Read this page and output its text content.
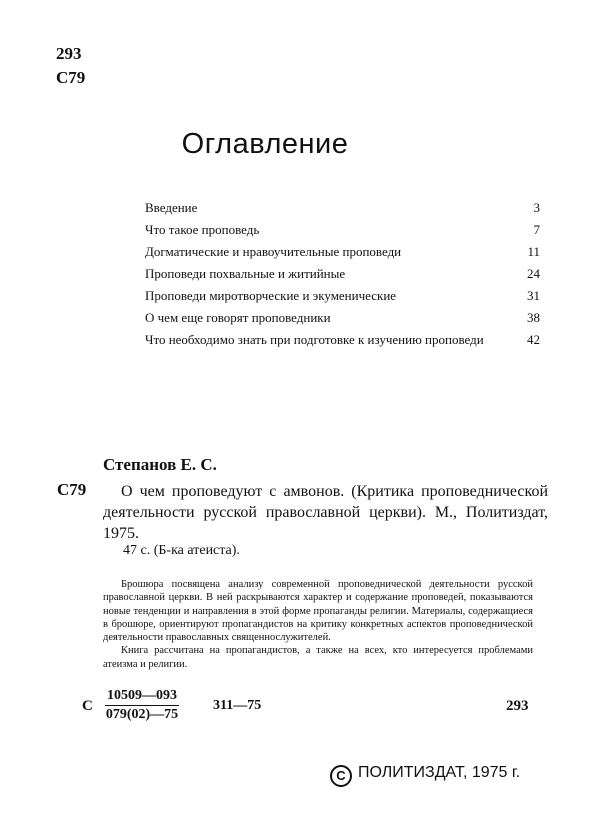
293
С79
Оглавление
Введение	3
Что такое проповедь	7
Догматические и нравоучительные проповеди	11
Проповеди похвальные и житийные	24
Проповеди миротворческие и экуменические	31
О чем еще говорят проповедники	38
Что необходимо знать при подготовке к изучению проповеди	42
Степанов Е. С.
С79	О чем проповедуют с амвонов. (Критика проповеднической деятельности русской православной церкви). М., Политиздат, 1975.
47 с. (Б-ка атеиста).

Брошюра посвящена анализу современной проповеднической деятельности русской православной церкви. В ней раскрываются характер и содержание проповедей, показываются новые тенденции и направления в этой форме пропаганды религии. Материалы, содержащиеся в брошюре, ориентируют пропагандистов на критику конкретных аспектов проповеднической деятельности православных священнослужителей.

Книга рассчитана на пропагандистов, а также на всех, кто интересуется проблемами атеизма и религии.

С $\frac{10509—093}{079(02)—75}$ 311—75	293
C ПОЛИТИЗДАТ, 1975 г.
